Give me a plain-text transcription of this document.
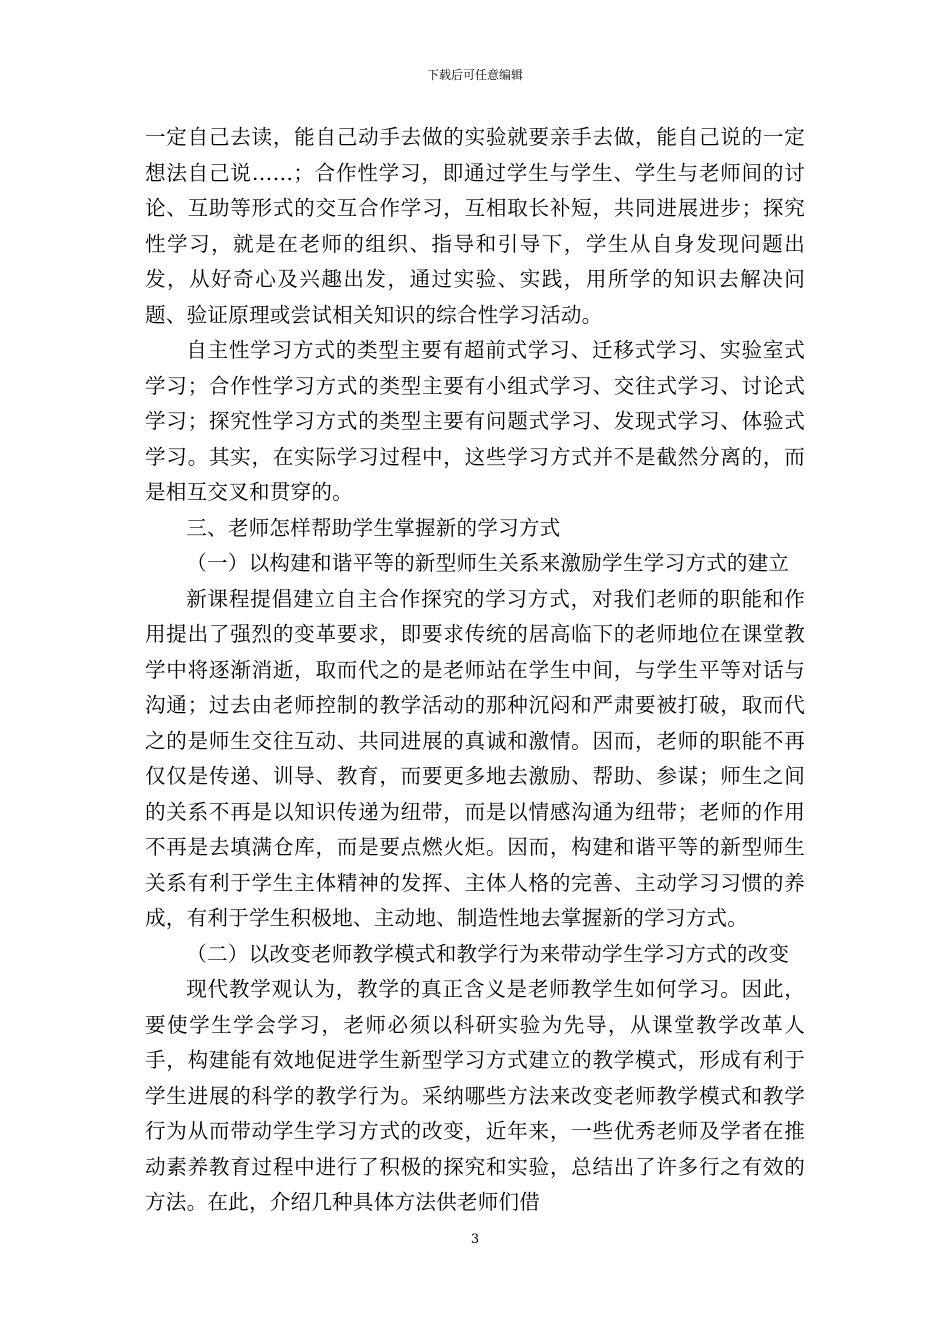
下载后可任意编辑

一定自己去读，能自己动手去做的实验就要亲手去做，能自己说的一定想法自己说……；合作性学习，即通过学生与学生、学生与老师间的讨论、互助等形式的交互合作学习，互相取长补短，共同进展进步；探究性学习，就是在老师的组织、指导和引导下，学生从自身发现问题出发，从好奇心及兴趣出发，通过实验、实践，用所学的知识去解决问题、验证原理或尝试相关知识的综合性学习活动。

自主性学习方式的类型主要有超前式学习、迁移式学习、实验室式学习；合作性学习方式的类型主要有小组式学习、交往式学习、讨论式学习；探究性学习方式的类型主要有问题式学习、发现式学习、体验式学习。其实，在实际学习过程中，这些学习方式并不是截然分离的，而是相互交叉和贯穿的。

三、老师怎样帮助学生掌握新的学习方式

（一）以构建和谐平等的新型师生关系来激励学生学习方式的建立

新课程提倡建立自主合作探究的学习方式，对我们老师的职能和作用提出了强烈的变革要求，即要求传统的居高临下的老师地位在课堂教学中将逐渐消逝，取而代之的是老师站在学生中间，与学生平等对话与沟通；过去由老师控制的教学活动的那种沉闷和严肃要被打破，取而代之的是师生交往互动、共同进展的真诚和激情。因而，老师的职能不再仅仅是传递、训导、教育，而要更多地去激励、帮助、参谋；师生之间的关系不再是以知识传递为纽带，而是以情感沟通为纽带；老师的作用不再是去填满仓库，而是要点燃火炬。因而，构建和谐平等的新型师生关系有利于学生主体精神的发挥、主体人格的完善、主动学习习惯的养成，有利于学生积极地、主动地、制造性地去掌握新的学习方式。

（二）以改变老师教学模式和教学行为来带动学生学习方式的改变

现代教学观认为，教学的真正含义是老师教学生如何学习。因此，要使学生学会学习，老师必须以科研实验为先导，从课堂教学改革人手，构建能有效地促进学生新型学习方式建立的教学模式，形成有利于学生进展的科学的教学行为。采纳哪些方法来改变老师教学模式和教学行为从而带动学生学习方式的改变，近年来，一些优秀老师及学者在推动素养教育过程中进行了积极的探究和实验，总结出了许多行之有效的方法。在此，介绍几种具体方法供老师们借

3
